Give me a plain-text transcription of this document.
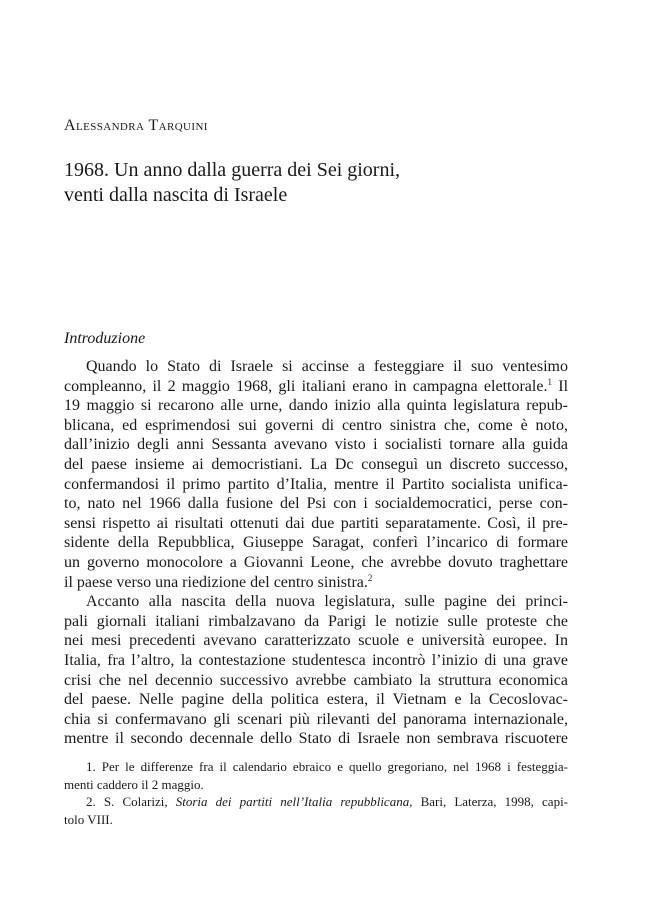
Alessandra Tarquini
1968. Un anno dalla guerra dei Sei giorni,
venti dalla nascita di Israele
Introduzione
Quando lo Stato di Israele si accinse a festeggiare il suo ventesimo
compleanno, il 2 maggio 1968, gli italiani erano in campagna elettorale.$^1$ Il
19 maggio si recarono alle urne, dando inizio alla quinta legislatura repub-
blicana, ed esprimendosi sui governi di centro sinistra che, come è noto,
dall’inizio degli anni Sessanta avevano visto i socialisti tornare alla guida
del paese insieme ai democristiani. La Dc conseguì un discreto successo,
confermandosi il primo partito d’Italia, mentre il Partito socialista unifica-
to, nato nel 1966 dalla fusione del Psi con i socialdemocratici, perse con-
sensi rispetto ai risultati ottenuti dai due partiti separatamente. Così, il pre-
sidente della Repubblica, Giuseppe Saragat, conferì l’incarico di formare
un governo monocolore a Giovanni Leone, che avrebbe dovuto traghettare
il paese verso una riedizione del centro sinistra.$^2$
Accanto alla nascita della nuova legislatura, sulle pagine dei princi-
pali giornali italiani rimbalzavano da Parigi le notizie sulle proteste che
nei mesi precedenti avevano caratterizzato scuole e università europee. In
Italia, fra l’altro, la contestazione studentesca incontrò l’inizio di una grave
crisi che nel decennio successivo avrebbe cambiato la struttura economica
del paese. Nelle pagine della politica estera, il Vietnam e la Cecoslovac-
chia si confermavano gli scenari più rilevanti del panorama internazionale,
mentre il secondo decennale dello Stato di Israele non sembrava riscuotere
1. Per le differenze fra il calendario ebraico e quello gregoriano, nel 1968 i festeggia-
menti caddero il 2 maggio.
2. S. Colarizi, Storia dei partiti nell’Italia repubblicana, Bari, Laterza, 1998, capi-
tolo VIII.
